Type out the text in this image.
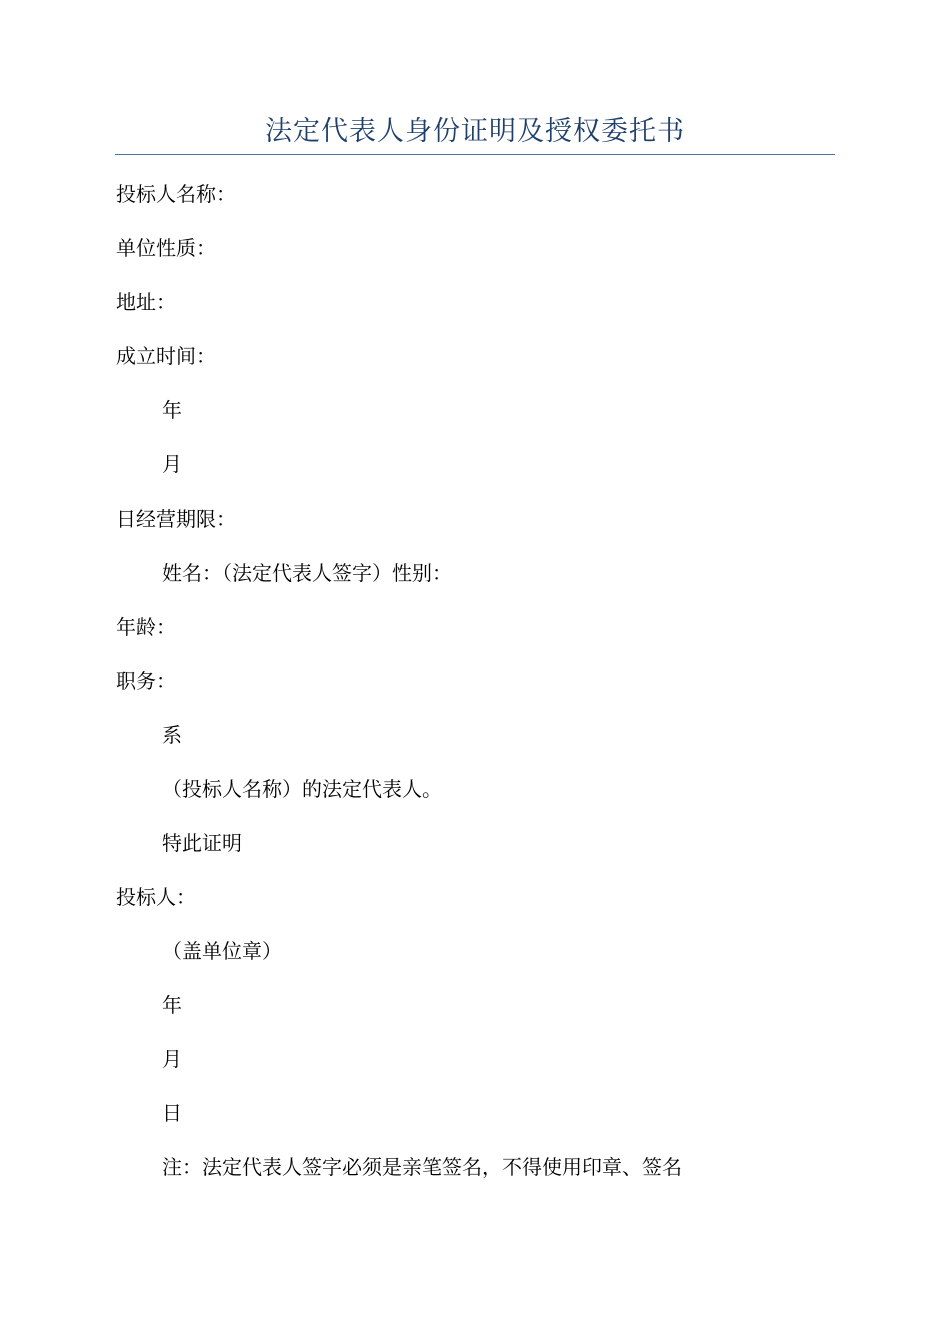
法定代表人身份证明及授权委托书
投标人名称：
单位性质：
地址：
成立时间：
年
月
日经营期限：
姓名：（法定代表人签字）性别：
年龄：
职务：
系
（投标人名称）的法定代表人。
特此证明
投标人：
（盖单位章）
年
月
日
注：法定代表人签字必须是亲笔签名，不得使用印章、签名
